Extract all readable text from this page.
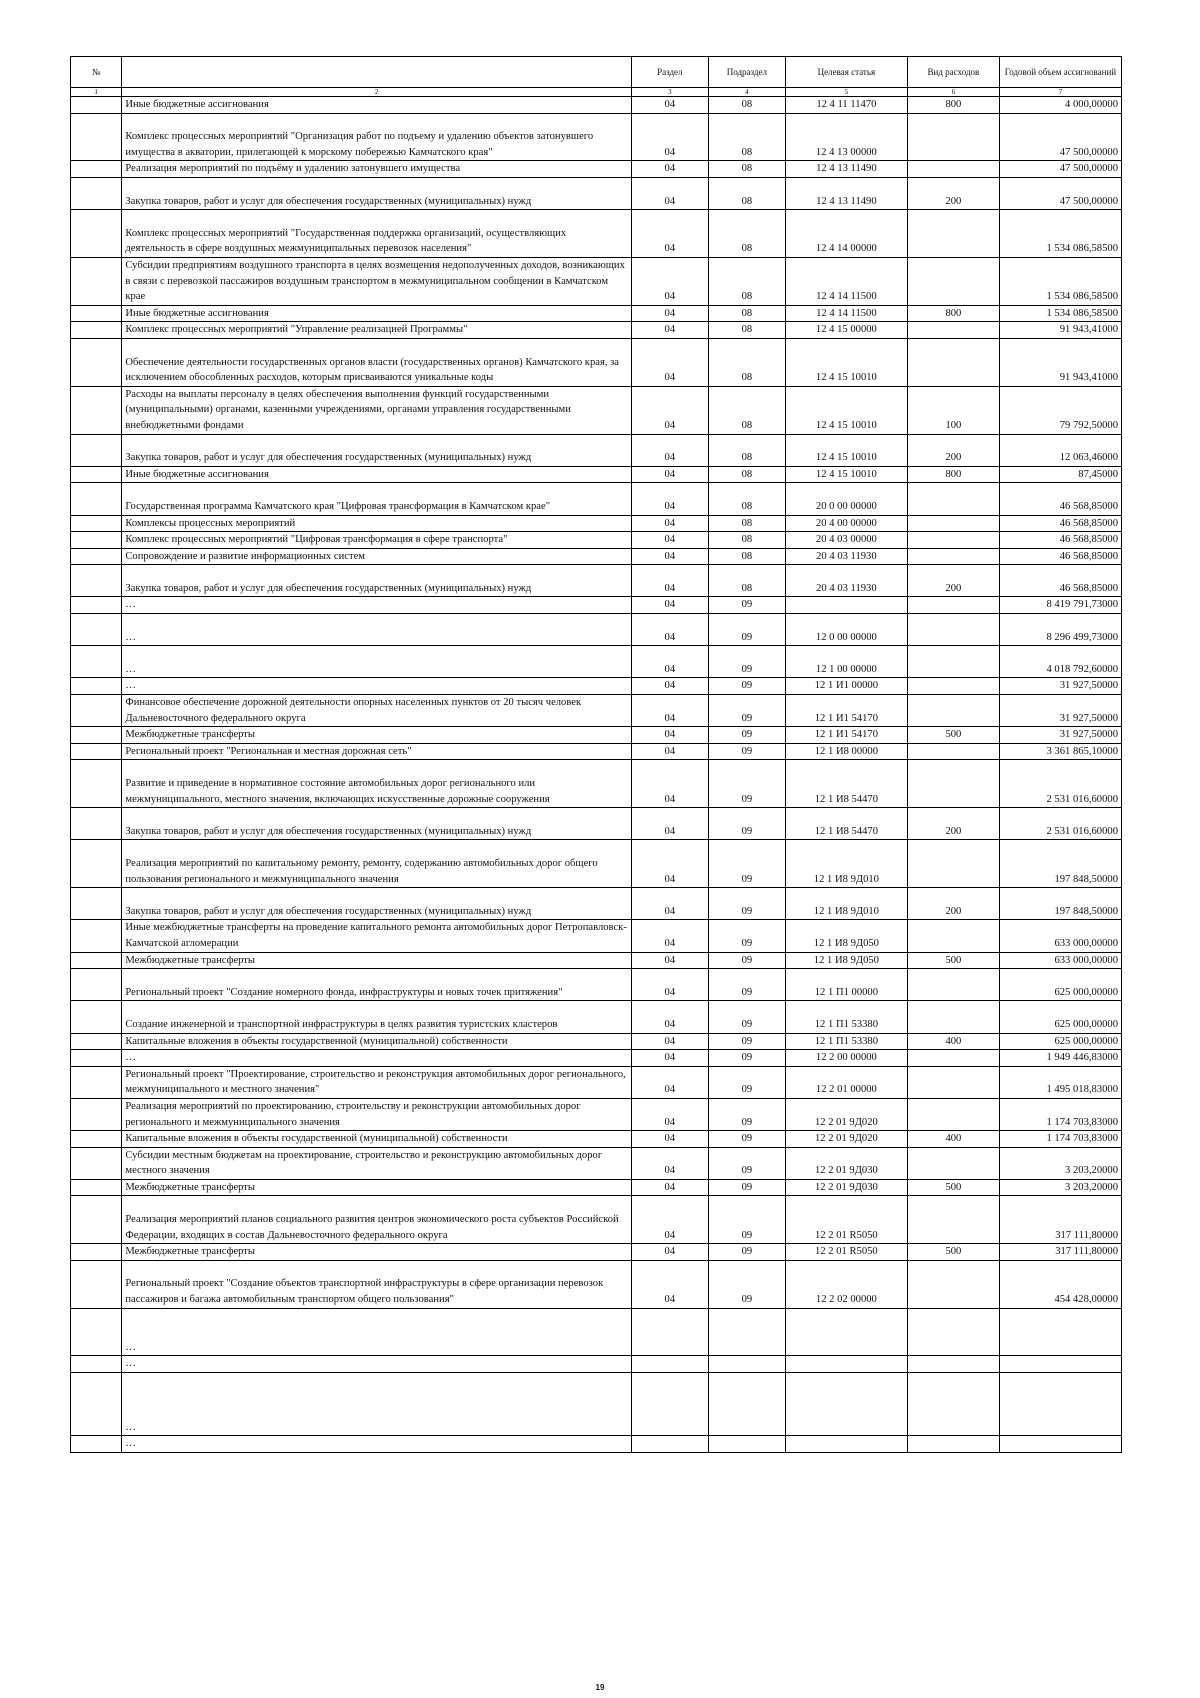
№		Раздел	Подраздел	Целевая статья	Вид расходов	Годовой объем ассигнований
1	2	3	4	5	6	7
	Иные бюджетные ассигнования	04	08	12 4 11 11470	800	4 000,00000
	Комплекс процессных мероприятий "Организация работ по подъему и удалению объектов затонувшего имущества в акватории, прилегающей к морскому побережью Камчатского края"	04	08	12 4 13 00000		47 500,00000
	Реализация мероприятий по подъёму и удалению затонувшего имущества	04	08	12 4 13 11490		47 500,00000
	Закупка товаров, работ и услуг для обеспечения государственных (муниципальных) нужд	04	08	12 4 13 11490	200	47 500,00000
	Комплекс процессных мероприятий "Государственная поддержка организаций, осуществляющих деятельность в сфере воздушных межмуниципальных перевозок населения"	04	08	12 4 14 00000		1 534 086,58500
	Субсидии предприятиям воздушного транспорта в целях возмещения недополученных доходов, возникающих в связи с перевозкой пассажиров воздушным транспортом в межмуниципальном сообщении в Камчатском крае	04	08	12 4 14 11500		1 534 086,58500
	Иные бюджетные ассигнования	04	08	12 4 14 11500	800	1 534 086,58500
	Комплекс процессных мероприятий "Управление реализацией Программы"	04	08	12 4 15 00000		91 943,41000
	Обеспечение деятельности государственных органов власти (государственных органов) Камчатского края, за исключением обособленных расходов, которым присваиваются уникальные коды	04	08	12 4 15 10010		91 943,41000
	Расходы на выплаты персоналу в целях обеспечения выполнения функций государственными (муниципальными) органами, казенными учреждениями, органами управления государственными внебюджетными фондами	04	08	12 4 15 10010	100	79 792,50000
	Закупка товаров, работ и услуг для обеспечения государственных (муниципальных) нужд	04	08	12 4 15 10010	200	12 063,46000
	Иные бюджетные ассигнования	04	08	12 4 15 10010	800	87,45000
	Государственная программа Камчатского края "Цифровая трансформация в Камчатском крае"	04	08	20 0 00 00000		46 568,85000
	Комплексы процессных мероприятий	04	08	20 4 00 00000		46 568,85000
	Комплекс процессных мероприятий "Цифровая трансформация в сфере транспорта"	04	08	20 4 03 00000		46 568,85000
	Сопровождение и развитие информационных систем	04	08	20 4 03 11930		46 568,85000
	Закупка товаров, работ и услуг для обеспечения государственных (муниципальных) нужд	04	08	20 4 03 11930	200	46 568,85000
	…	04	09			8 419 791,73000
	…	04	09	12 0 00 00000		8 296 499,73000
	…	04	09	12 1 00 00000		4 018 792,60000
	…	04	09	12 1 И1 00000		31 927,50000
	Финансовое обеспечение дорожной деятельности опорных населенных пунктов от 20 тысяч человек Дальневосточного федерального округа	04	09	12 1 И1 54170		31 927,50000
	Межбюджетные трансферты	04	09	12 1 И1 54170	500	31 927,50000
	Региональный проект "Региональная и местная дорожная сеть"	04	09	12 1 И8 00000		3 361 865,10000
	Развитие и приведение в нормативное состояние автомобильных дорог регионального или межмуниципального, местного значения, включающих искусственные дорожные сооружения	04	09	12 1 И8 54470		2 531 016,60000
	Закупка товаров, работ и услуг для обеспечения государственных (муниципальных) нужд	04	09	12 1 И8 54470	200	2 531 016,60000
	Реализация мероприятий по капитальному ремонту, ремонту, содержанию автомобильных дорог общего пользования регионального и межмуниципального значения	04	09	12 1 И8 9Д010		197 848,50000
	Закупка товаров, работ и услуг для обеспечения государственных (муниципальных) нужд	04	09	12 1 И8 9Д010	200	197 848,50000
	Иные межбюджетные трансферты на проведение капитального ремонта автомобильных дорог Петропавловск-Камчатской агломерации	04	09	12 1 И8 9Д050		633 000,00000
	Межбюджетные трансферты	04	09	12 1 И8 9Д050	500	633 000,00000
	Региональный проект "Создание номерного фонда, инфраструктуры и новых точек притяжения"	04	09	12 1 П1 00000		625 000,00000
	Создание инженерной и транспортной инфраструктуры в целях развития туристских кластеров	04	09	12 1 П1 53380		625 000,00000
	Капитальные вложения в объекты государственной (муниципальной) собственности	04	09	12 1 П1 53380	400	625 000,00000
	…	04	09	12 2 00 00000		1 949 446,83000
	Региональный проект "Проектирование, строительство и реконструкция автомобильных дорог регионального, межмуниципального и местного значения"	04	09	12 2 01 00000		1 495 018,83000
	Реализация мероприятий по проектированию, строительству и реконструкции автомобильных дорог регионального и межмуниципального значения	04	09	12 2 01 9Д020		1 174 703,83000
	Капитальные вложения в объекты государственной (муниципальной) собственности	04	09	12 2 01 9Д020	400	1 174 703,83000
	Субсидии местным бюджетам на проектирование, строительство и реконструкцию автомобильных дорог местного значения	04	09	12 2 01 9Д030		3 203,20000
	Межбюджетные трансферты	04	09	12 2 01 9Д030	500	3 203,20000
	Реализация мероприятий планов социального развития центров экономического роста субъектов Российской Федерации, входящих в состав Дальневосточного федерального округа	04	09	12 2 01 R5050		317 111,80000
	Межбюджетные трансферты	04	09	12 2 01 R5050	500	317 111,80000
	Региональный проект "Создание объектов транспортной инфраструктуры в сфере организации перевозок пассажиров и багажа автомобильным транспортом общего пользования"	04	09	12 2 02 00000		454 428,00000
	…					
	…					
	…					
	…					
19
